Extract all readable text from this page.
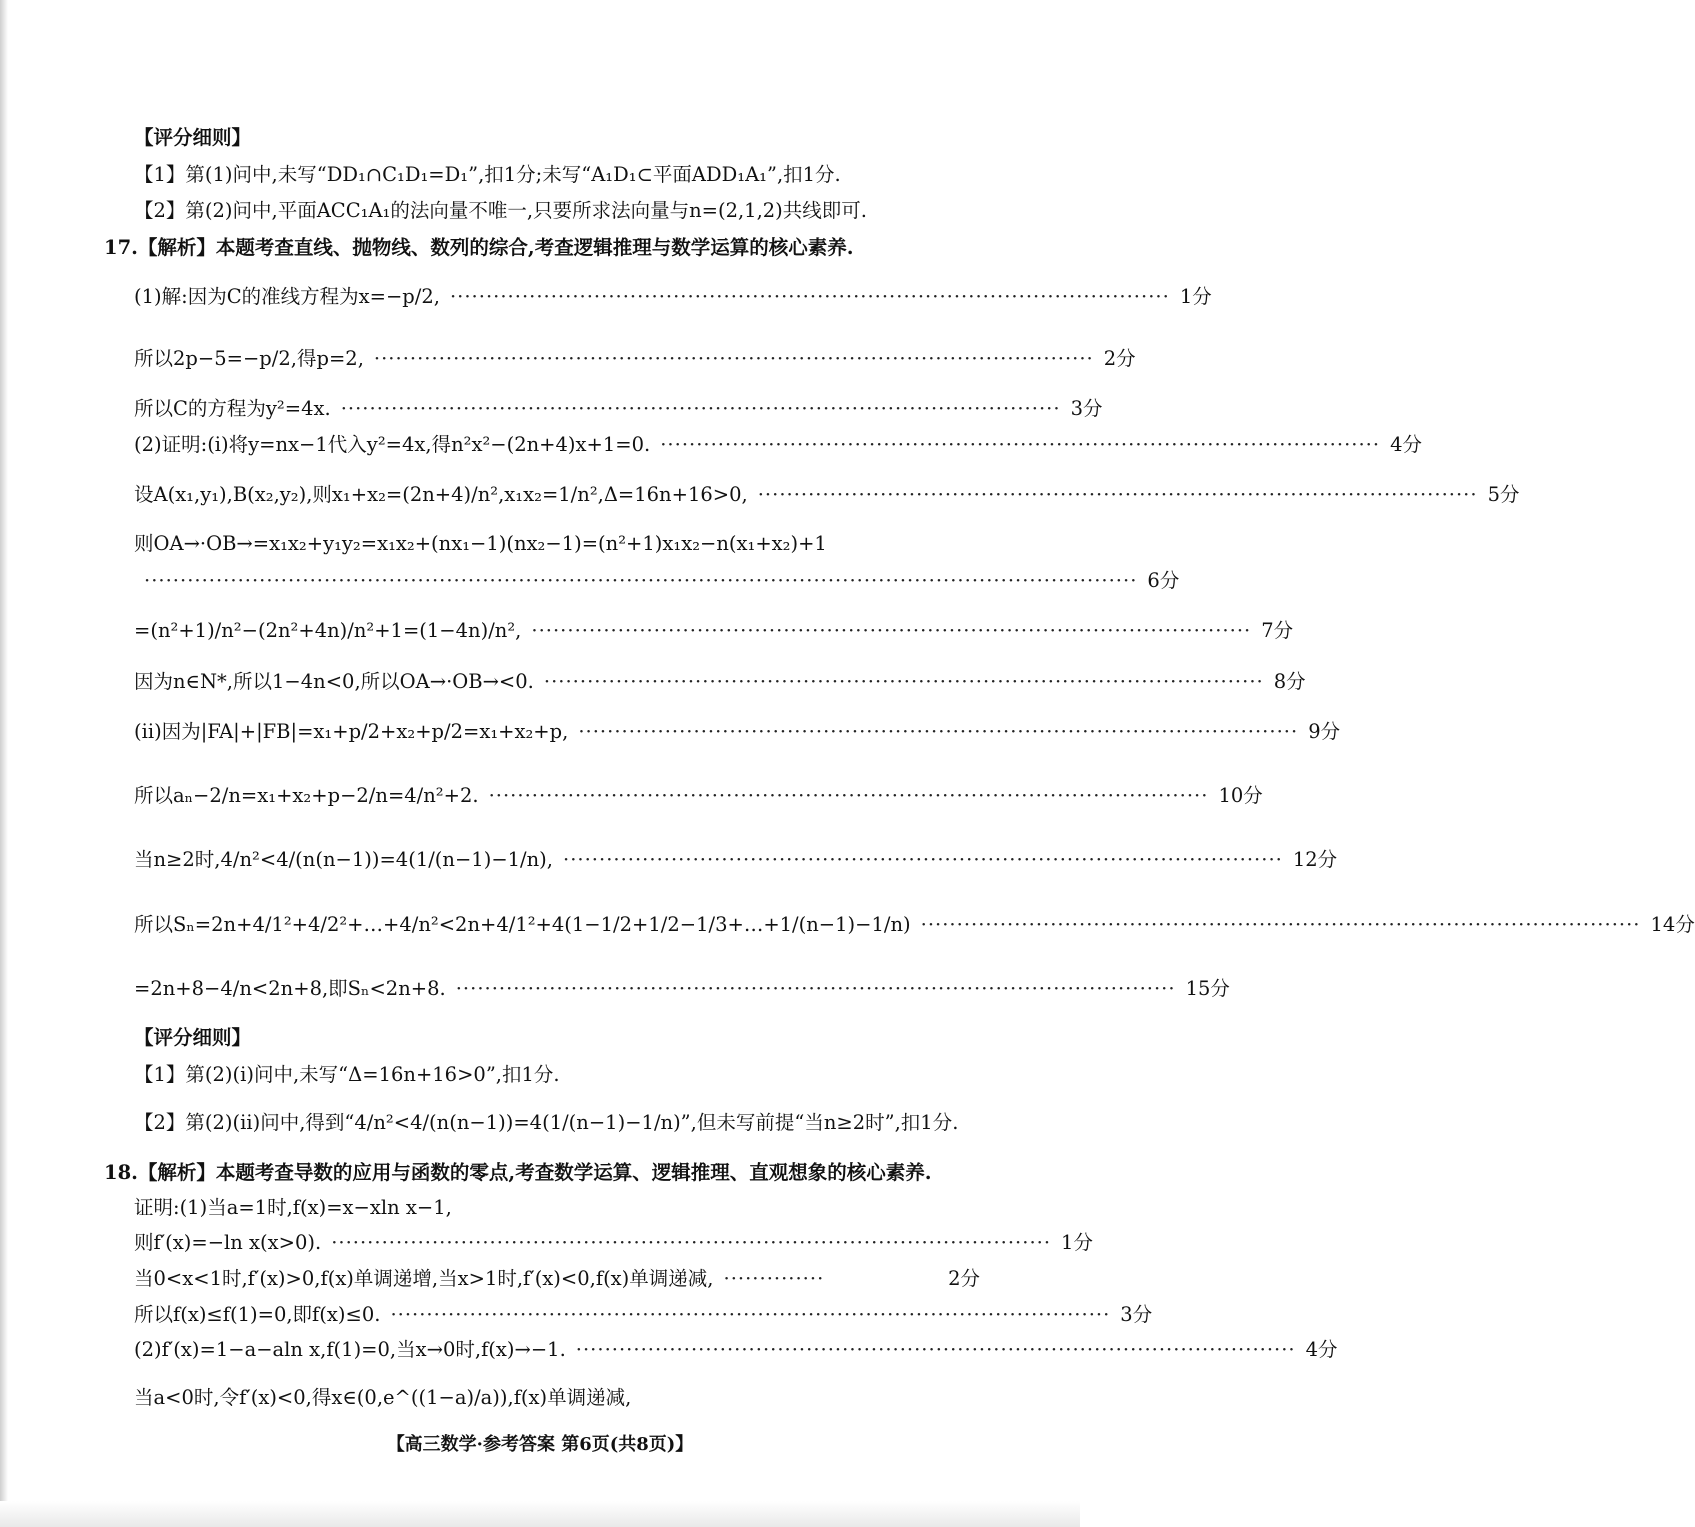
【评分细则】
【1】第(1)问中,未写“DD₁∩C₁D₁=D₁”,扣1分;未写“A₁D₁⊂平面ADD₁A₁”,扣1分.
【2】第(2)问中,平面ACC₁A₁的法向量不唯一,只要所求法向量与n=(2,1,2)共线即可.
17.【解析】本题考查直线、抛物线、数列的综合,考查逻辑推理与数学运算的核心素养.
(1)解:因为C的准线方程为x=−p/2, ···································································································· 1分
所以2p−5=−p/2,得p=2, ···································································································· 2分
所以C的方程为y²=4x. ···································································································· 3分
(2)证明:(ⅰ)将y=nx−1代入y²=4x,得n²x²−(2n+4)x+1=0. ···································································································· 4分
设A(x₁,y₁),B(x₂,y₂),则x₁+x₂=(2n+4)/n²,x₁x₂=1/n²,Δ=16n+16>0, ···································································································· 5分
则OA→·OB→=x₁x₂+y₁y₂=x₁x₂+(nx₁−1)(nx₂−1)=(n²+1)x₁x₂−n(x₁+x₂)+1
·········································································································································· 6分
=(n²+1)/n²−(2n²+4n)/n²+1=(1−4n)/n², ···································································································· 7分
因为n∈N*,所以1−4n<0,所以OA→·OB→<0. ···································································································· 8分
(ⅱ)因为|FA|+|FB|=x₁+p/2+x₂+p/2=x₁+x₂+p, ···································································································· 9分
所以aₙ−2/n=x₁+x₂+p−2/n=4/n²+2. ···································································································· 10分
当n≥2时,4/n²<4/(n(n−1))=4(1/(n−1)−1/n), ···································································································· 12分
所以Sₙ=2n+4/1²+4/2²+…+4/n²<2n+4/1²+4(1−1/2+1/2−1/3+…+1/(n−1)−1/n) ···································································································· 14分
=2n+8−4/n<2n+8,即Sₙ<2n+8. ···································································································· 15分
【评分细则】
【1】第(2)(ⅰ)问中,未写“Δ=16n+16>0”,扣1分.
【2】第(2)(ⅱ)问中,得到“4/n²<4/(n(n−1))=4(1/(n−1)−1/n)”,但未写前提“当n≥2时”,扣1分.
18.【解析】本题考查导数的应用与函数的零点,考查数学运算、逻辑推理、直观想象的核心素养.
证明:(1)当a=1时,f(x)=x−xln x−1,
则f′(x)=−ln x(x>0). ···································································································· 1分
当0<x<1时,f′(x)>0,f(x)单调递增,当x>1时,f′(x)<0,f(x)单调递减, ··············	2分
所以f(x)≤f(1)=0,即f(x)≤0. ···································································································· 3分
(2)f′(x)=1−a−aln x,f(1)=0,当x→0时,f(x)→−1. ···································································································· 4分
当a<0时,令f′(x)<0,得x∈(0,e^((1−a)/a)),f(x)单调递减,
【高三数学·参考答案 第6页(共8页)】
